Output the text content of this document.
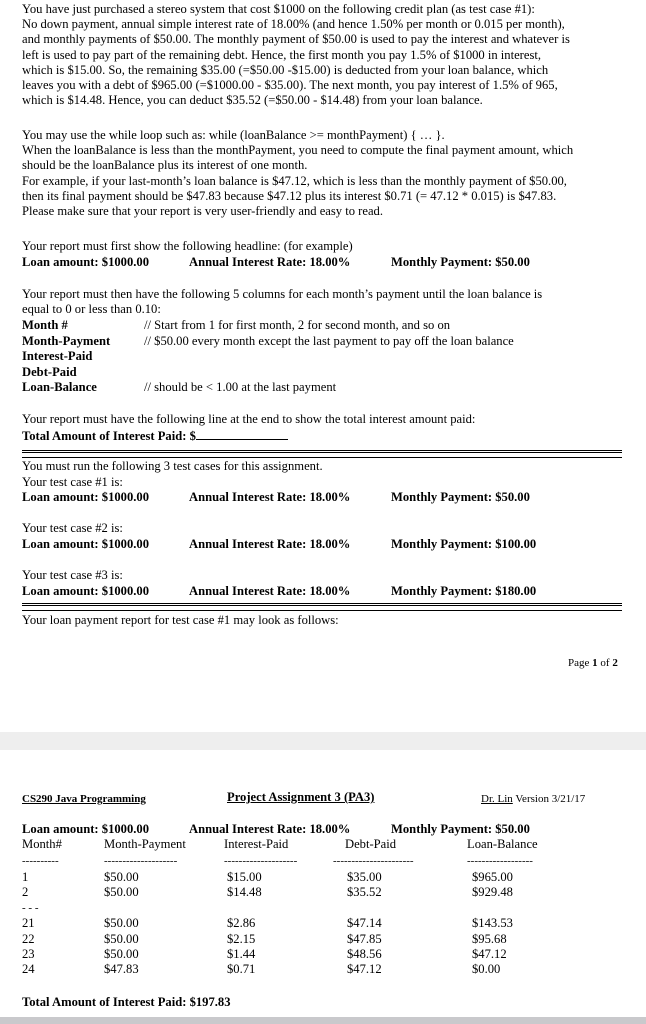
You have just purchased a stereo system that cost $1000 on the following credit plan (as test case #1):
No down payment, annual simple interest rate of 18.00% (and hence 1.50% per month or 0.015 per month),
and monthly payments of $50.00. The monthly payment of $50.00 is used to pay the interest and whatever is
left is used to pay part of the remaining debt. Hence, the first month you pay 1.5% of $1000 in interest,
which is $15.00. So, the remaining $35.00 (=$50.00 -$15.00) is deducted from your loan balance, which
leaves you with a debt of $965.00 (=$1000.00 - $35.00). The next month, you pay interest of 1.5% of 965,
which is $14.48. Hence, you can deduct $35.52 (=$50.00 - $14.48) from your loan balance.
You may use the while loop such as: while (loanBalance >= monthPayment) { … }.
When the loanBalance is less than the monthPayment, you need to compute the final payment amount, which
should be the loanBalance plus its interest of one month.
For example, if your last-month’s loan balance is $47.12, which is less than the monthly payment of $50.00,
then its final payment should be $47.83 because $47.12 plus its interest $0.71 (= 47.12 * 0.015) is $47.83.
Please make sure that your report is very user-friendly and easy to read.
Your report must first show the following headline: (for example)
Loan amount: $1000.00	Annual Interest Rate: 18.00%	Monthly Payment: $50.00
Your report must then have the following 5 columns for each month’s payment until the loan balance is
equal to 0 or less than 0.10:
Month #	// Start from 1 for first month, 2 for second month, and so on
Month-Payment	// $50.00 every month except the last payment to pay off the loan balance
Interest-Paid
Debt-Paid
Loan-Balance	// should be < 1.00 at the last payment
Your report must have the following line at the end to show the total interest amount paid:
Total Amount of Interest Paid: $
You must run the following 3 test cases for this assignment.
Your test case #1 is:
Loan amount: $1000.00	Annual Interest Rate: 18.00%	Monthly Payment: $50.00
Your test case #2 is:
Loan amount: $1000.00	Annual Interest Rate: 18.00%	Monthly Payment: $100.00
Your test case #3 is:
Loan amount: $1000.00	Annual Interest Rate: 18.00%	Monthly Payment: $180.00
Your loan payment report for test case #1 may look as follows:
Page 1 of 2
CS290 Java Programming	Project Assignment 3 (PA3)	Dr. Lin Version 3/21/17
Loan amount: $1000.00	Annual Interest Rate: 18.00%	Monthly Payment: $50.00
Month#	Month-Payment	Interest-Paid	Debt-Paid	Loan-Balance
----------	--------------------	--------------------	----------------------	------------------
1	$50.00	$15.00	$35.00	$965.00
2	$50.00	$14.48	$35.52	$929.48
- - -
21	$50.00	$2.86	$47.14	$143.53
22	$50.00	$2.15	$47.85	$95.68
23	$50.00	$1.44	$48.56	$47.12
24	$47.83	$0.71	$47.12	$0.00
Total Amount of Interest Paid: $197.83
